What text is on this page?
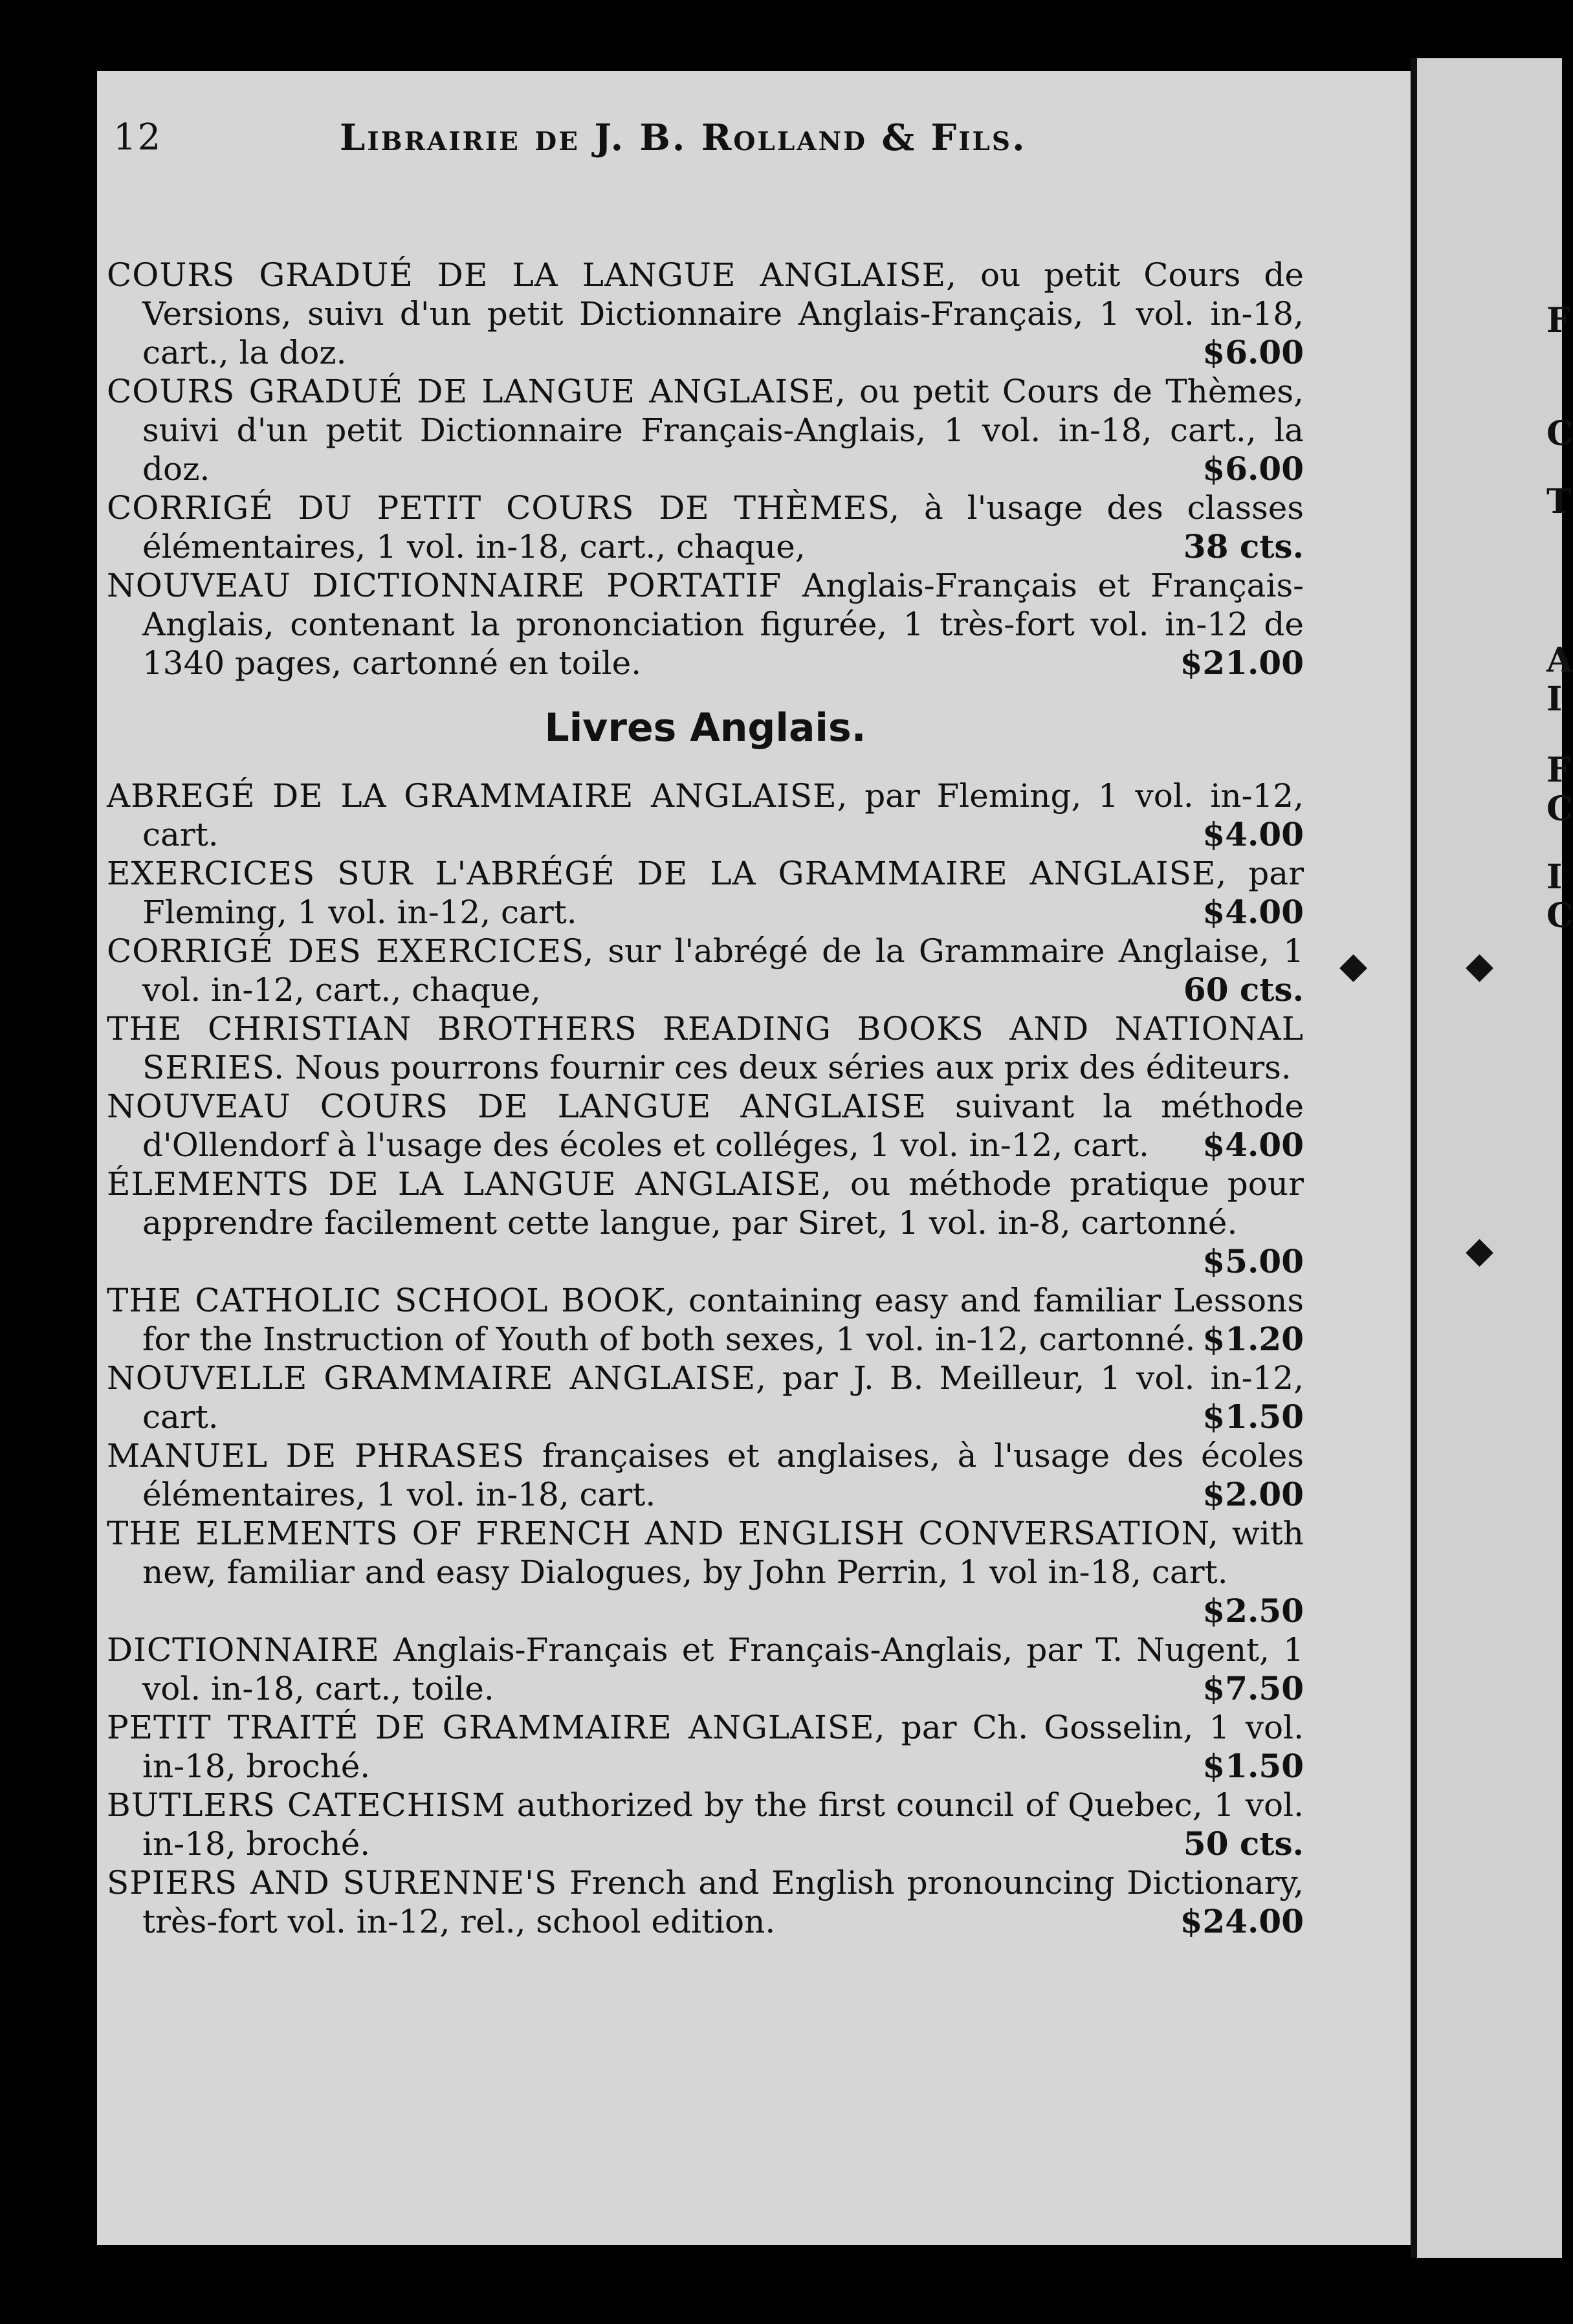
F
C
T
A
I
F
C
I
C
◆	◆
◆
12	Librairie de J. B. Rolland & Fils.
COURS GRADUÉ DE LA LANGUE ANGLAISE, ou petit Cours de Versions, suivı d'un petit Dictionnaire Anglais-Français, 1 vol. in-18, cart., la doz.	$6.00
COURS GRADUÉ DE LANGUE ANGLAISE, ou petit Cours de Thèmes, suivi d'un petit Dictionnaire Français-Anglais, 1 vol. in-18, cart., la doz.	$6.00
CORRIGÉ DU PETIT COURS DE THÈMES, à l'usage des classes élémentaires, 1 vol. in-18, cart., chaque,	38 cts.
NOUVEAU DICTIONNAIRE PORTATIF Anglais-Français et Français-Anglais, contenant la prononciation figurée, 1 très-fort vol. in-12 de 1340 pages, cartonné en toile.	$21.00
Livres Anglais.
ABREGÉ DE LA GRAMMAIRE ANGLAISE, par Fleming, 1 vol. in-12, cart.	$4.00
EXERCICES SUR L'ABRÉGÉ DE LA GRAMMAIRE ANGLAISE, par Fleming, 1 vol. in-12, cart.	$4.00
CORRIGÉ DES EXERCICES, sur l'abrégé de la Grammaire Anglaise, 1 vol. in-12, cart., chaque,	60 cts.
THE CHRISTIAN BROTHERS READING BOOKS AND NATIONAL SERIES. Nous pourrons fournir ces deux séries aux prix des éditeurs.
NOUVEAU COURS DE LANGUE ANGLAISE suivant la méthode d'Ollendorf à l'usage des écoles et colléges, 1 vol. in-12, cart. $4.00
ÉLEMENTS DE LA LANGUE ANGLAISE, ou méthode pratique pour apprendre facilement cette langue, par Siret, 1 vol. in-8, cartonné.
$5.00
THE CATHOLIC SCHOOL BOOK, containing easy and familiar Lessons for the Instruction of Youth of both sexes, 1 vol. in-12, cartonné. $1.20
NOUVELLE GRAMMAIRE ANGLAISE, par J. B. Meilleur, 1 vol. in-12, cart.	$1.50
MANUEL DE PHRASES françaises et anglaises, à l'usage des écoles élémentaires, 1 vol. in-18, cart.	$2.00
THE ELEMENTS OF FRENCH AND ENGLISH CONVERSATION, with new, familiar and easy Dialogues, by John Perrin, 1 vol in-18, cart.
$2.50
DICTIONNAIRE Anglais-Français et Français-Anglais, par T. Nugent, 1 vol. in-18, cart., toile.	$7.50
PETIT TRAITÉ DE GRAMMAIRE ANGLAISE, par Ch. Gosselin, 1 vol. in-18, broché.	$1.50
BUTLERS CATECHISM authorized by the first council of Quebec, 1 vol. in-18, broché.	50 cts.
SPIERS AND SURENNE'S French and English pronouncing Dictionary, très-fort vol. in-12, rel., school edition.	$24.00
